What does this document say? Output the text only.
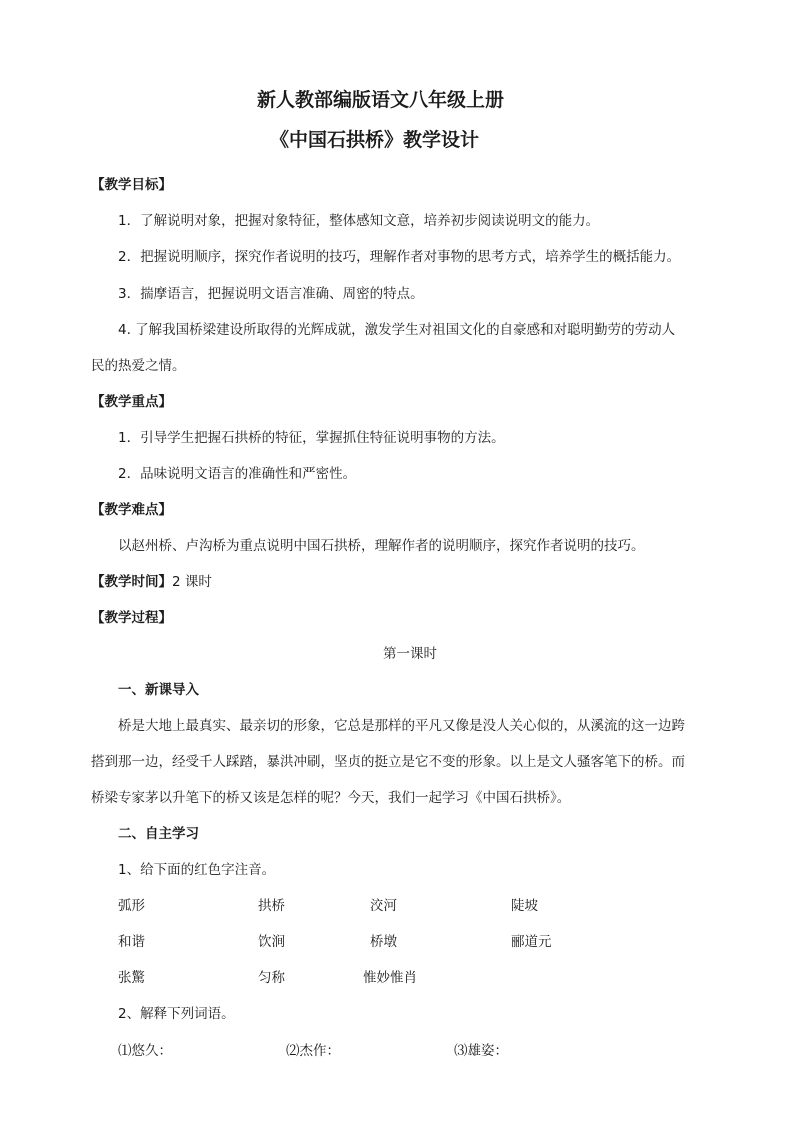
新人教部编版语文八年级上册
《中国石拱桥》教学设计
【教学目标】
1．了解说明对象，把握对象特征，整体感知文意，培养初步阅读说明文的能力。
2．把握说明顺序，探究作者说明的技巧，理解作者对事物的思考方式，培养学生的概括能力。
3．揣摩语言，把握说明文语言准确、周密的特点。
4. 了解我国桥梁建设所取得的光辉成就，激发学生对祖国文化的自豪感和对聪明勤劳的劳动人
民的热爱之情。
【教学重点】
1．引导学生把握石拱桥的特征，掌握抓住特征说明事物的方法。
2．品味说明文语言的准确性和严密性。
【教学难点】
以赵州桥、卢沟桥为重点说明中国石拱桥，理解作者的说明顺序，探究作者说明的技巧。
【教学时间】2 课时
【教学过程】
第一课时
一、新课导入
桥是大地上最真实、最亲切的形象，它总是那样的平凡又像是没人关心似的，从溪流的这一边跨
搭到那一边，经受千人踩踏，暴洪冲刷，坚贞的挺立是它不变的形象。以上是文人骚客笔下的桥。而
桥梁专家茅以升笔下的桥又该是怎样的呢？今天，我们一起学习《中国石拱桥》。
二、自主学习
1、给下面的红色字注音。
弧形	拱桥	洨河	陡坡
和谐	饮涧	桥墩	郦道元
张驚	匀称	惟妙惟肖
2、解释下列词语。
⑴悠久：	⑵杰作：	⑶雄姿：
